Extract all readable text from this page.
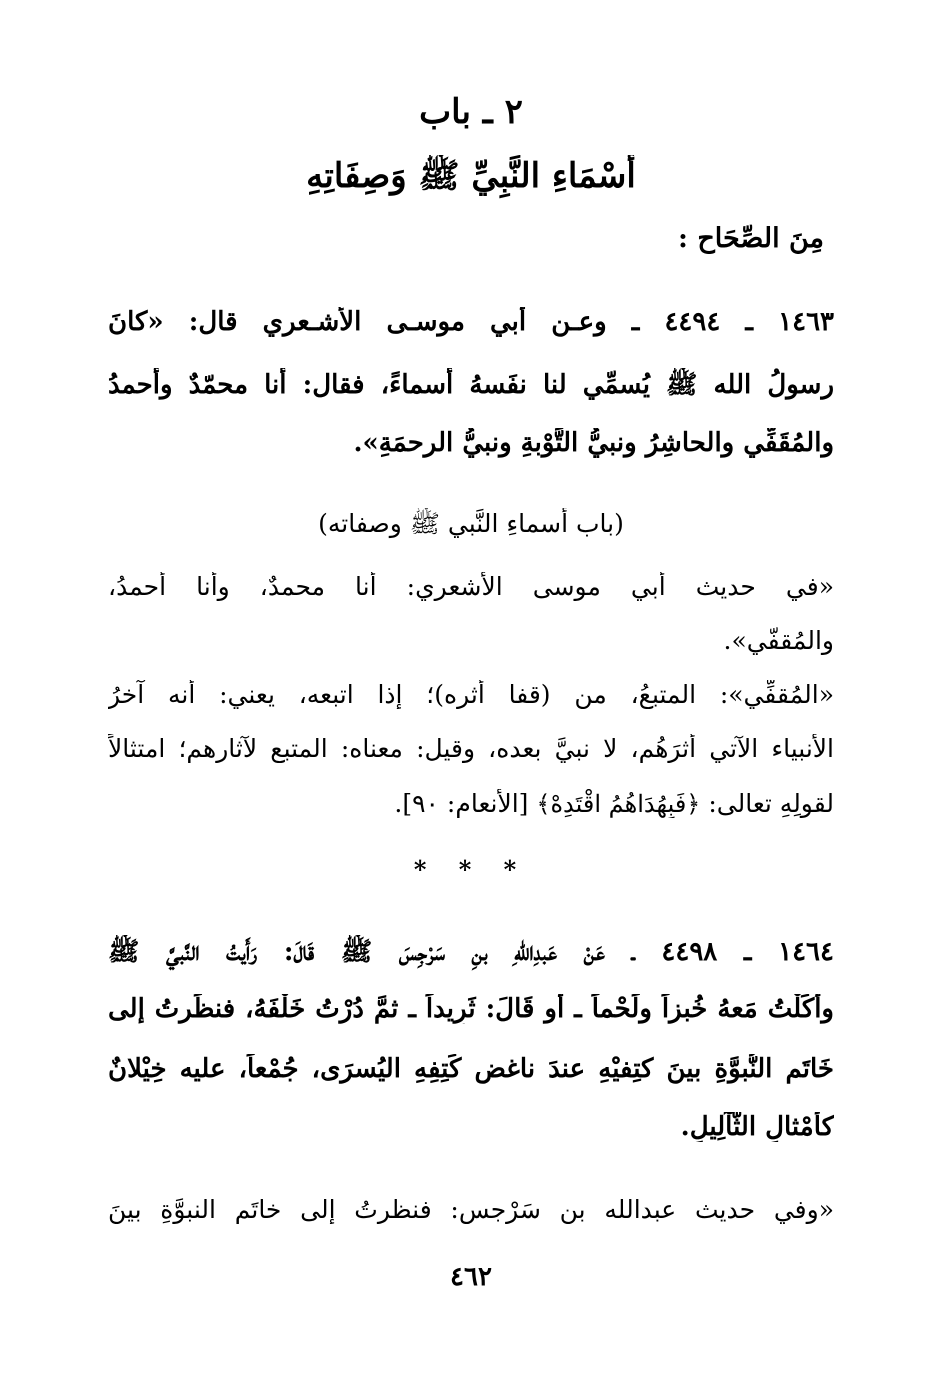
٢ ـ باب
أَسْمَاءِ النَّبِيِّ ﷺ وَصِفَاتِهِ
مِنَ الصِّحَاحِ :
١٤٦٣ ـ ٤٤٩٤ ـ وعـن أبي موسـى الأشـعري قال: «كانَ
رسولُ الله ﷺ يُسمِّي لنا نفَسهُ أسماءً، فقال: أنا محمّدٌ وأحمدُ
والمُقَفِّي والحاشِرُ ونبيُّ التَّوْبةِ ونبيُّ الرحمَةِ».
(باب أسماءِ النَّبي ﷺ وصفاته)
«في حديث أبي موسى الأشعري: أنا محمدٌ، وأنا أحمدُ،
والمُقفّي».
«المُقفِّي»: المتبعُ، من (قفا أثره)؛ إذا اتبعه، يعني: أنه آخرُ
الأنبياء الآتي أثرَهُم، لا نبيَّ بعده، وقيل: معناه: المتبع لآثارهم؛ امتثالاً
لقولِهِ تعالى: ﴿فَبِهُدَاهُمُ اقْتَدِهْ﴾ [الأنعام: ٩٠].
* * *
١٤٦٤ ـ ٤٤٩٨ ـ عَنْ عَبدِاللهِ بنِ سَرْجِسَ ﷺ قَالَ: رَأَيتُ النَّبيَّ ﷺ
وأَكَلْتُ مَعهُ خُبزاً ولَحْماً ـ أو قَالَ: ثَرِيداً ـ ثمَّ دُرْتُ خَلْفَهُ، فنظَرتُ إلى
خَاتَم النُّبوَّةِ بينَ كتِفيْهِ عندَ ناغضِ كَتِفِهِ اليُسرَى، جُمْعاً، عليه خِيْلانٌ
كأمْثالِ الثَّآلِيلِ.
«وفي حديث عبدالله بن سَرْجس: فنظرتُ إلى خاتَمِ النبوَّةِ بينَ
٤٦٢
